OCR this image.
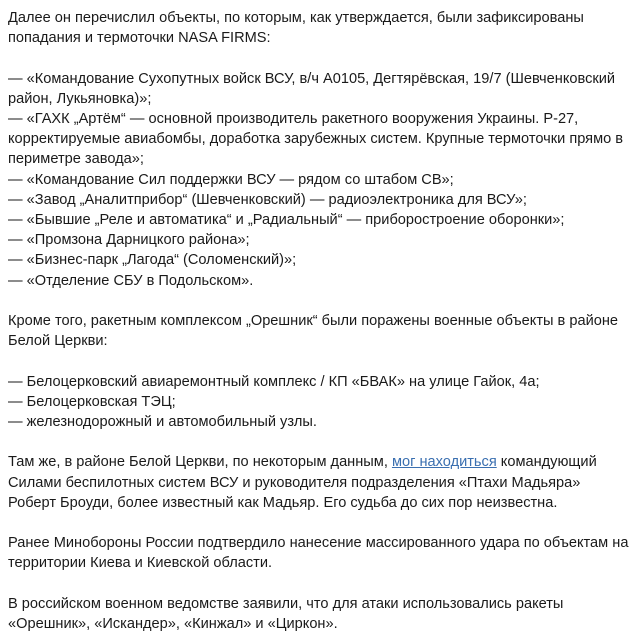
Далее он перечислил объекты, по которым, как утверждается, были зафиксированы попадания и термоточки NASA FIRMS:

— «Командование Сухопутных войск ВСУ, в/ч А0105, Дегтярёвская, 19/7 (Шевченковский район, Лукьяновка)»;
— «ГАХК „Артём“ — основной производитель ракетного вооружения Украины. Р-27, корректируемые авиабомбы, доработка зарубежных систем. Крупные термоточки прямо в периметре завода»;
— «Командование Сил поддержки ВСУ — рядом со штабом СВ»;
— «Завод „Аналитприбор“ (Шевченковский) — радиоэлектроника для ВСУ»;
— «Бывшие „Реле и автоматика“ и „Радиальный“ — приборостроение оборонки»;
— «Промзона Дарницкого района»;
— «Бизнес-парк „Лагода“ (Соломенский)»;
— «Отделение СБУ в Подольском».

Кроме того, ракетным комплексом „Орешник“ были поражены военные объекты в районе Белой Церкви:

— Белоцерковский авиаремонтный комплекс / КП «БВАК» на улице Гайок, 4а;
— Белоцерковская ТЭЦ;
— железнодорожный и автомобильный узлы.

Там же, в районе Белой Церкви, по некоторым данным, мог находиться командующий Силами беспилотных систем ВСУ и руководителя подразделения «Птахи Мадьяра» Роберт Броуди, более известный как Мадьяр. Его судьба до сих пор неизвестна.

Ранее Минобороны России подтвердило нанесение массированного удара по объектам на территории Киева и Киевской области.

В российском военном ведомстве заявили, что для атаки использовались ракеты «Орешник», «Искандер», «Кинжал» и «Циркон».
